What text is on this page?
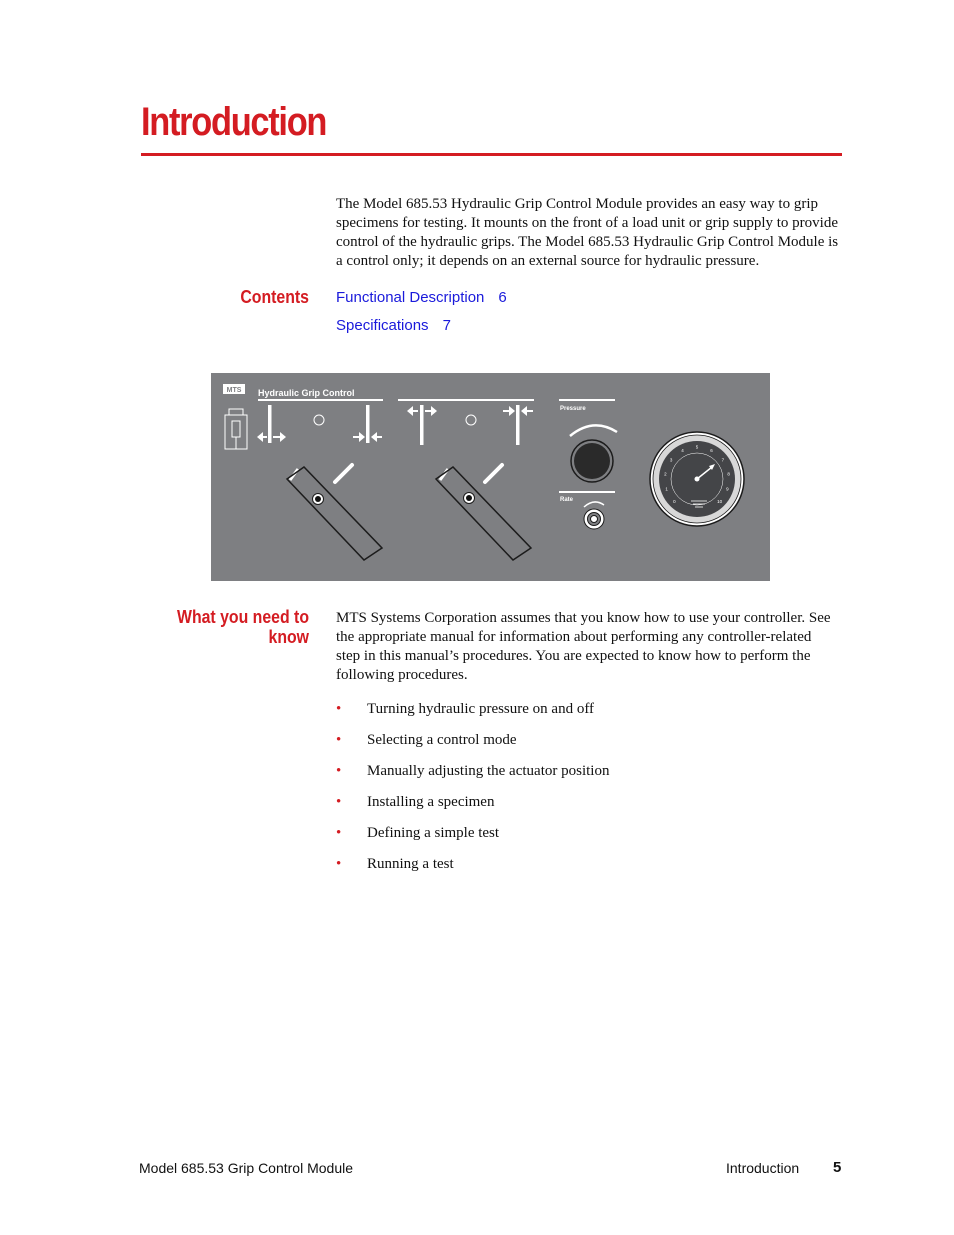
Introduction

The Model 685.53 Hydraulic Grip Control Module provides an easy way to grip specimens for testing. It mounts on the front of a load unit or grip supply to provide control of the hydraulic grips. The Model 685.53 Hydraulic Grip Control Module is a control only; it depends on an external source for hydraulic pressure.

Contents Functional Description 6
Specifications 7
MTS Hydraulic Grip Control
Pressure
Rate	0
1
2
3
4
5
6
7
8
9
10
What you need to
know

MTS Systems Corporation assumes that you know how to use your controller. See the appropriate manual for information about performing any controller-related step in this manual’s procedures. You are expected to know how to perform the following procedures.

• Turning hydraulic pressure on and off
• Selecting a control mode
• Manually adjusting the actuator position
• Installing a specimen
• Defining a simple test
• Running a test
Model 685.53 Grip Control Module	Introduction 5
